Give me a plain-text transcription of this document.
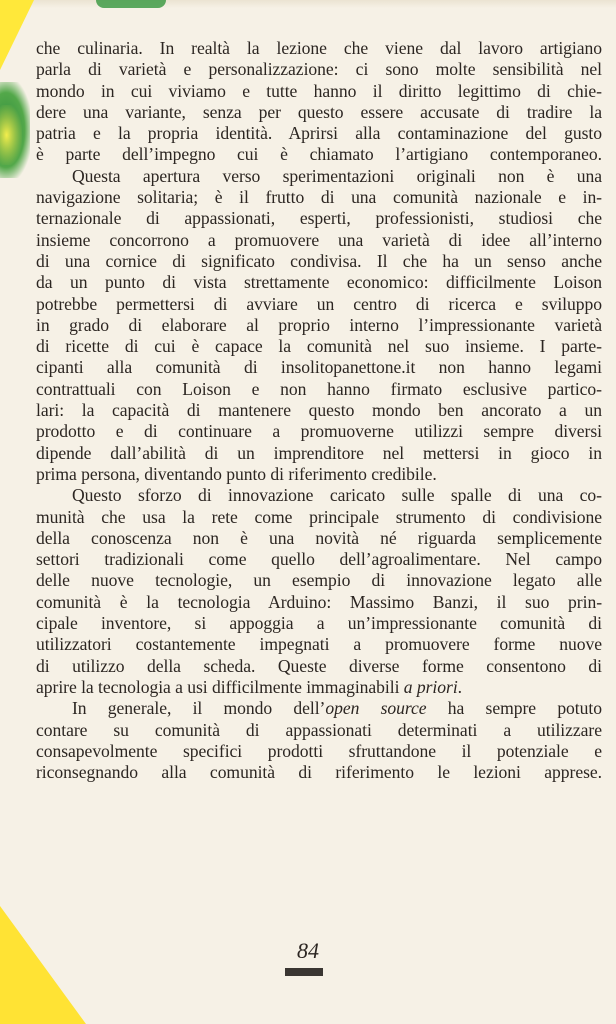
che culinaria. In realtà la lezione che viene dal lavoro artigiano
parla di varietà e personalizzazione: ci sono molte sensibilità nel
mondo in cui viviamo e tutte hanno il diritto legittimo di chie-
dere una variante, senza per questo essere accusate di tradire la
patria e la propria identità. Aprirsi alla contaminazione del gusto
è parte dell’impegno cui è chiamato l’artigiano contemporaneo.
Questa apertura verso sperimentazioni originali non è una
navigazione solitaria; è il frutto di una comunità nazionale e in-
ternazionale di appassionati, esperti, professionisti, studiosi che
insieme concorrono a promuovere una varietà di idee all’interno
di una cornice di significato condivisa. Il che ha un senso anche
da un punto di vista strettamente economico: difficilmente Loison
potrebbe permettersi di avviare un centro di ricerca e sviluppo
in grado di elaborare al proprio interno l’impressionante varietà
di ricette di cui è capace la comunità nel suo insieme. I parte-
cipanti alla comunità di insolitopanettone.it non hanno legami
contrattuali con Loison e non hanno firmato esclusive partico-
lari: la capacità di mantenere questo mondo ben ancorato a un
prodotto e di continuare a promuoverne utilizzi sempre diversi
dipende dall’abilità di un imprenditore nel mettersi in gioco in
prima persona, diventando punto di riferimento credibile.
Questo sforzo di innovazione caricato sulle spalle di una co-
munità che usa la rete come principale strumento di condivisione
della conoscenza non è una novità né riguarda semplicemente
settori tradizionali come quello dell’agroalimentare. Nel campo
delle nuove tecnologie, un esempio di innovazione legato alle
comunità è la tecnologia Arduino: Massimo Banzi, il suo prin-
cipale inventore, si appoggia a un’impressionante comunità di
utilizzatori costantemente impegnati a promuovere forme nuove
di utilizzo della scheda. Queste diverse forme consentono di
aprire la tecnologia a usi difficilmente immaginabili a priori.
In generale, il mondo dell’open source ha sempre potuto
contare su comunità di appassionati determinati a utilizzare
consapevolmente specifici prodotti sfruttandone il potenziale e
riconsegnando alla comunità di riferimento le lezioni apprese.
84
